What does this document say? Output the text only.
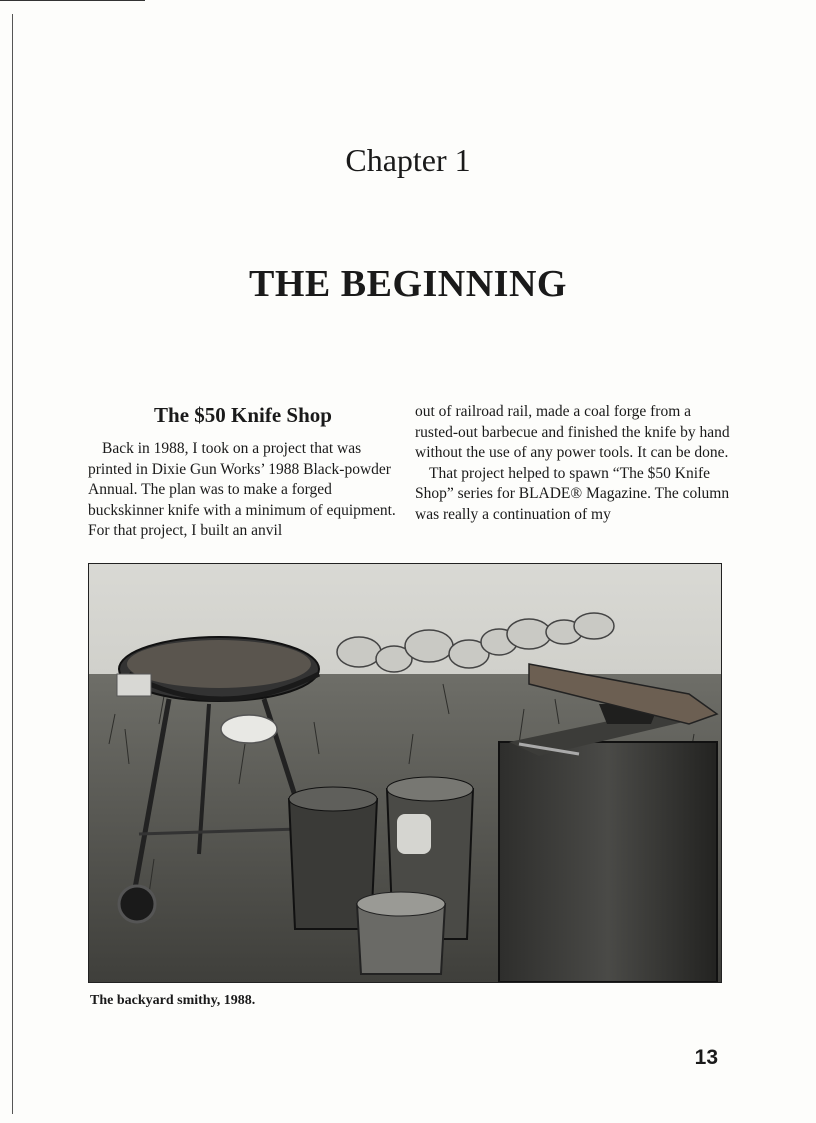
Chapter 1
THE BEGINNING
The $50 Knife Shop

Back in 1988, I took on a project that was printed in Dixie Gun Works’ 1988 Black-powder Annual. The plan was to make a forged buckskinner knife with a minimum of equipment. For that project, I built an anvil

out of railroad rail, made a coal forge from a rusted-out barbecue and finished the knife by hand without the use of any power tools. It can be done.

That project helped to spawn “The $50 Knife Shop” series for BLADE® Magazine. The column was really a continuation of my

The backyard smithy, 1988.
13
